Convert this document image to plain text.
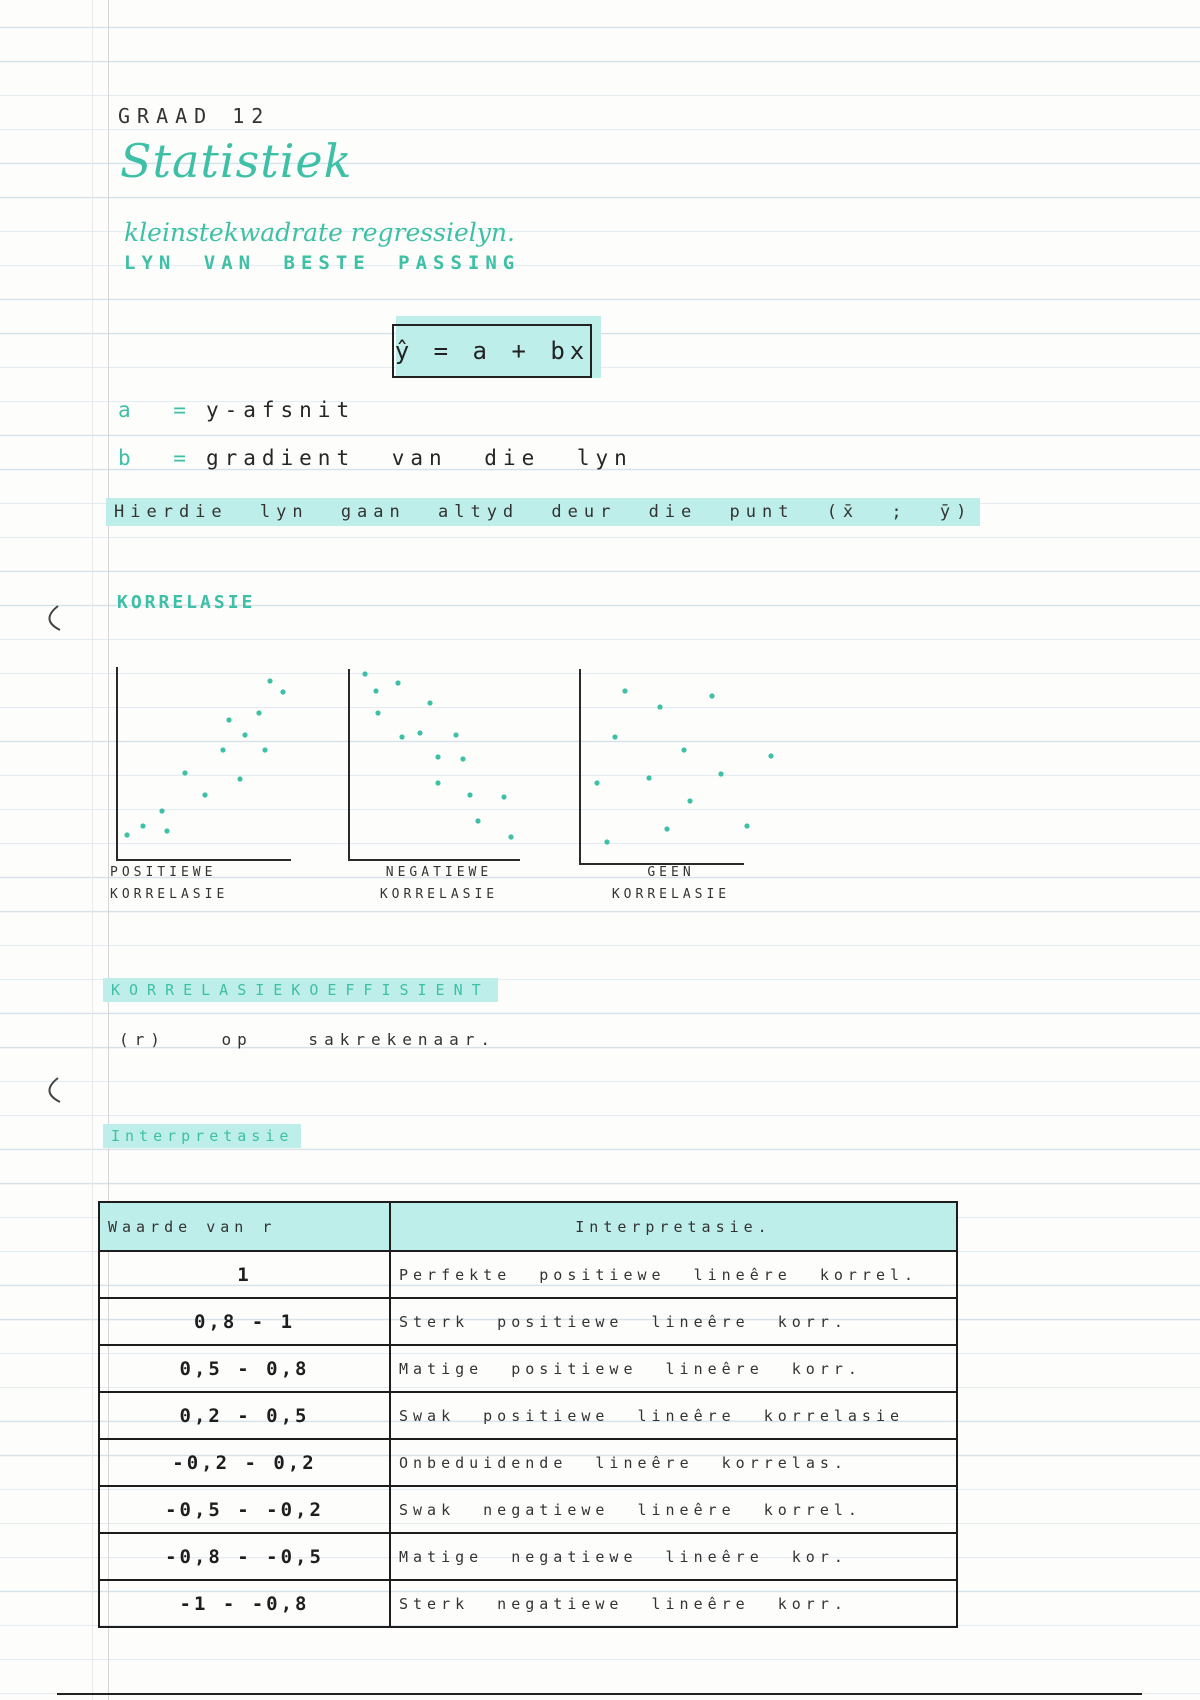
GRAAD 12
Statistiek
kleinstekwadrate regressielyn.
LYN VAN BESTE PASSING
ŷ = a + bx
a = y-afsnit
b = gradient van die lyn
Hierdie lyn gaan altyd deur die punt (x̄ ; ȳ)
KORRELASIE
POSITIEWE
KORRELASIE
NEGATIEWE
KORRELASIE
GEEN
KORRELASIE
KORRELASIEKOEFFISIENT
(r) op sakrekenaar.
Interpretasie
Waarde van r	Interpretasie.
1	Perfekte positiewe lineêre korrel.
0,8 - 1	Sterk positiewe lineêre korr.
0,5 - 0,8	Matige positiewe lineêre korr.
0,2 - 0,5	Swak positiewe lineêre korrelasie
-0,2 - 0,2	Onbeduidende lineêre korrelas.
-0,5 - -0,2	Swak negatiewe lineêre korrel.
-0,8 - -0,5	Matige negatiewe lineêre kor.
-1 - -0,8	Sterk negatiewe lineêre korr.
